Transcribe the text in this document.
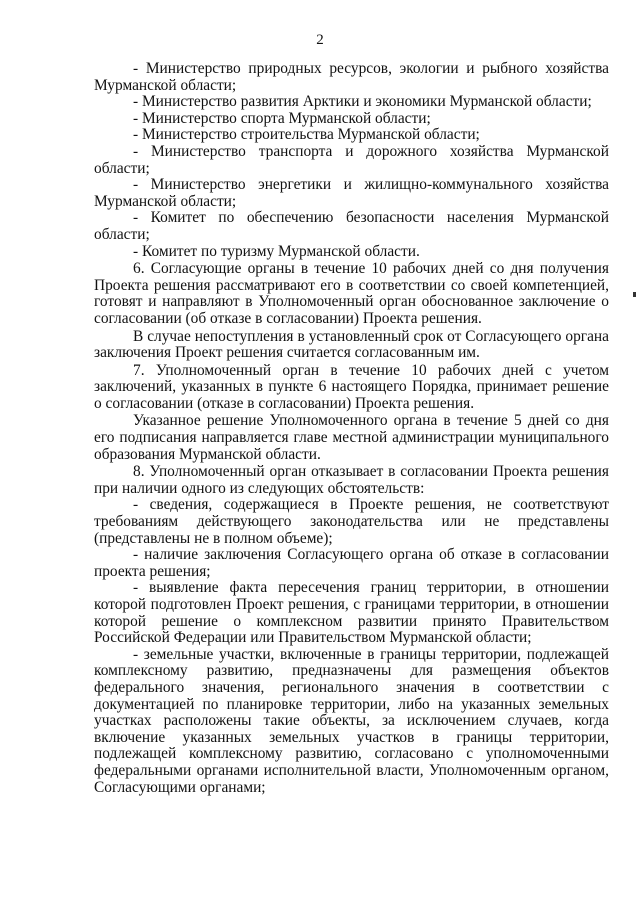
2

- Министерство природных ресурсов, экологии и рыбного хозяйства Мурманской области;

- Министерство развития Арктики и экономики Мурманской области;

- Министерство спорта Мурманской области;

- Министерство строительства Мурманской области;

- Министерство транспорта и дорожного хозяйства Мурманской области;

- Министерство энергетики и жилищно-коммунального хозяйства Мурманской области;

- Комитет по обеспечению безопасности населения Мурманской области;

- Комитет по туризму Мурманской области.

6. Согласующие органы в течение 10 рабочих дней со дня получения Проекта решения рассматривают его в соответствии со своей компетенцией, готовят и направляют в Уполномоченный орган обоснованное заключение о согласовании (об отказе в согласовании) Проекта решения.

В случае непоступления в установленный срок от Согласующего органа заключения Проект решения считается согласованным им.

7. Уполномоченный орган в течение 10 рабочих дней с учетом заключений, указанных в пункте 6 настоящего Порядка, принимает решение о согласовании (отказе в согласовании) Проекта решения.

Указанное решение Уполномоченного органа в течение 5 дней со дня его подписания направляется главе местной администрации муниципального образования Мурманской области.

8. Уполномоченный орган отказывает в согласовании Проекта решения при наличии одного из следующих обстоятельств:

- сведения, содержащиеся в Проекте решения, не соответствуют требованиям действующего законодательства или не представлены (представлены не в полном объеме);

- наличие заключения Согласующего органа об отказе в согласовании проекта решения;

- выявление факта пересечения границ территории, в отношении которой подготовлен Проект решения, с границами территории, в отношении которой решение о комплексном развитии принято Правительством Российской Федерации или Правительством Мурманской области;

- земельные участки, включенные в границы территории, подлежащей комплексному развитию, предназначены для размещения объектов федерального значения, регионального значения в соответствии с документацией по планировке территории, либо на указанных земельных участках расположены такие объекты, за исключением случаев, когда включение указанных земельных участков в границы территории, подлежащей комплексному развитию, согласовано с уполномоченными федеральными органами исполнительной власти, Уполномоченным органом, Согласующими органами;
